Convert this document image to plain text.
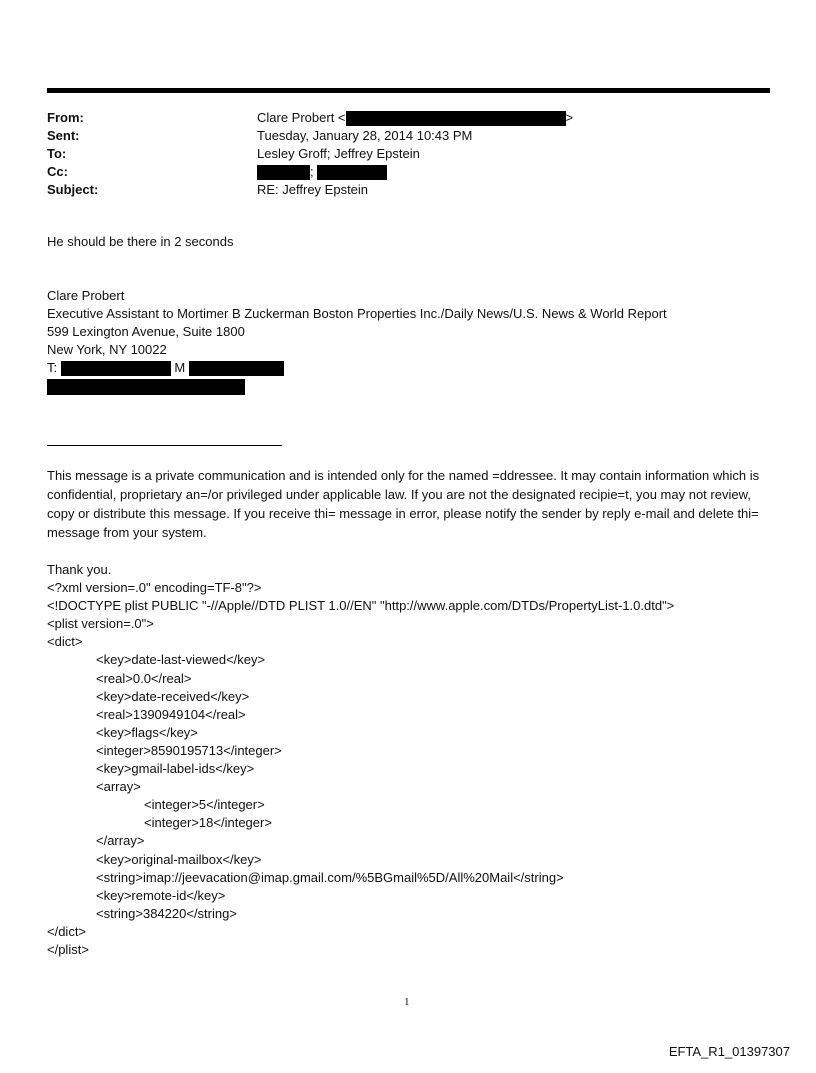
From:	Clare Probert <	>
Sent:	Tuesday, January 28, 2014 10:43 PM
To:	Lesley Groff; Jeffrey Epstein
Cc:	;
Subject:	RE: Jeffrey Epstein
He should be there in 2 seconds
Clare Probert
Executive Assistant to Mortimer B Zuckerman Boston Properties Inc./Daily News/U.S. News & World Report
599 Lexington Avenue, Suite 1800
New York, NY 10022
T:	M
This message is a private communication and is intended only for the named =ddressee. It may contain information which is confidential, proprietary an=/or privileged under applicable law. If you are not the designated recipie=t, you may not review, copy or distribute this message. If you receive thi= message in error, please notify the sender by reply e-mail and delete thi= message from your system.
Thank you.
<?xml version=.0" encoding=TF-8"?>
<!DOCTYPE plist PUBLIC "-//Apple//DTD PLIST 1.0//EN" "http://www.apple.com/DTDs/PropertyList-1.0.dtd">
<plist version=.0">
<dict>
<key>date-last-viewed</key>
<real>0.0</real>
<key>date-received</key>
<real>1390949104</real>
<key>flags</key>
<integer>8590195713</integer>
<key>gmail-label-ids</key>
<array>
<integer>5</integer>
<integer>18</integer>
</array>
<key>original-mailbox</key>
<string>imap://jeevacation@imap.gmail.com/%5BGmail%5D/All%20Mail</string>
<key>remote-id</key>
<string>384220</string>
</dict>
</plist>
1
EFTA_R1_01397307
